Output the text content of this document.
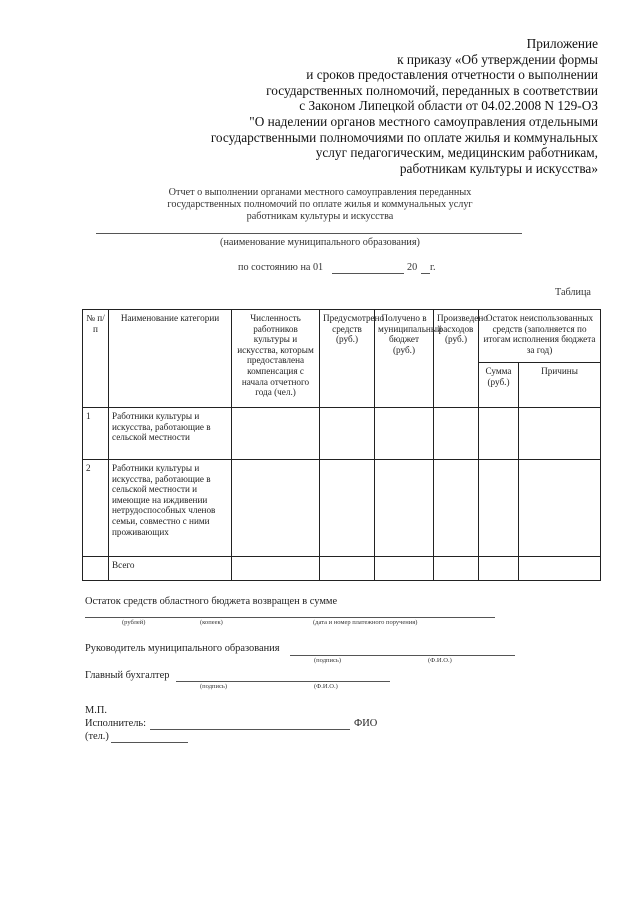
Приложение
к приказу «Об утверждении формы
и сроков предоставления отчетности о выполнении
государственных полномочий, переданных в соответствии
с Законом Липецкой области от 04.02.2008 N 129-ОЗ
"О наделении органов местного самоуправления отдельными
государственными полномочиями по оплате жилья и коммунальных
услуг педагогическим, медицинским работникам,
работникам культуры и искусства»
Отчет о выполнении органами местного самоуправления переданных
государственных полномочий по оплате жилья и коммунальных услуг
работникам культуры и искусства
(наименование муниципального образования)
по состоянию на 01	20 г.
Таблица
№ п/п	Наименование категории	Численность работников культуры и искусства, которым предоставлена компенсация с начала отчетного года (чел.)	Предусмотрено средств (руб.)	Получено в муниципальный бюджет (руб.)	Произведено расходов (руб.)	Остаток неиспользованных средств (заполняется по итогам исполнения бюджета за год)	
						Сумма (руб.)	Причины
1	Работники культуры и искусства, работающие в сельской местности						
2	Работники культуры и искусства, работающие в сельской местности и имеющие на иждивении нетрудоспособных членов семьи, совместно с ними проживающих						
	Всего						
Остаток средств областного бюджета возвращен в сумме
(рублей)	(копеек)	(дата и номер платежного поручения)
Руководитель муниципального образования
(подпись)	(Ф.И.О.)
Главный бухгалтер
(подпись)	(Ф.И.О.)
М.П.
Исполнитель:	ФИО
(тел.)
